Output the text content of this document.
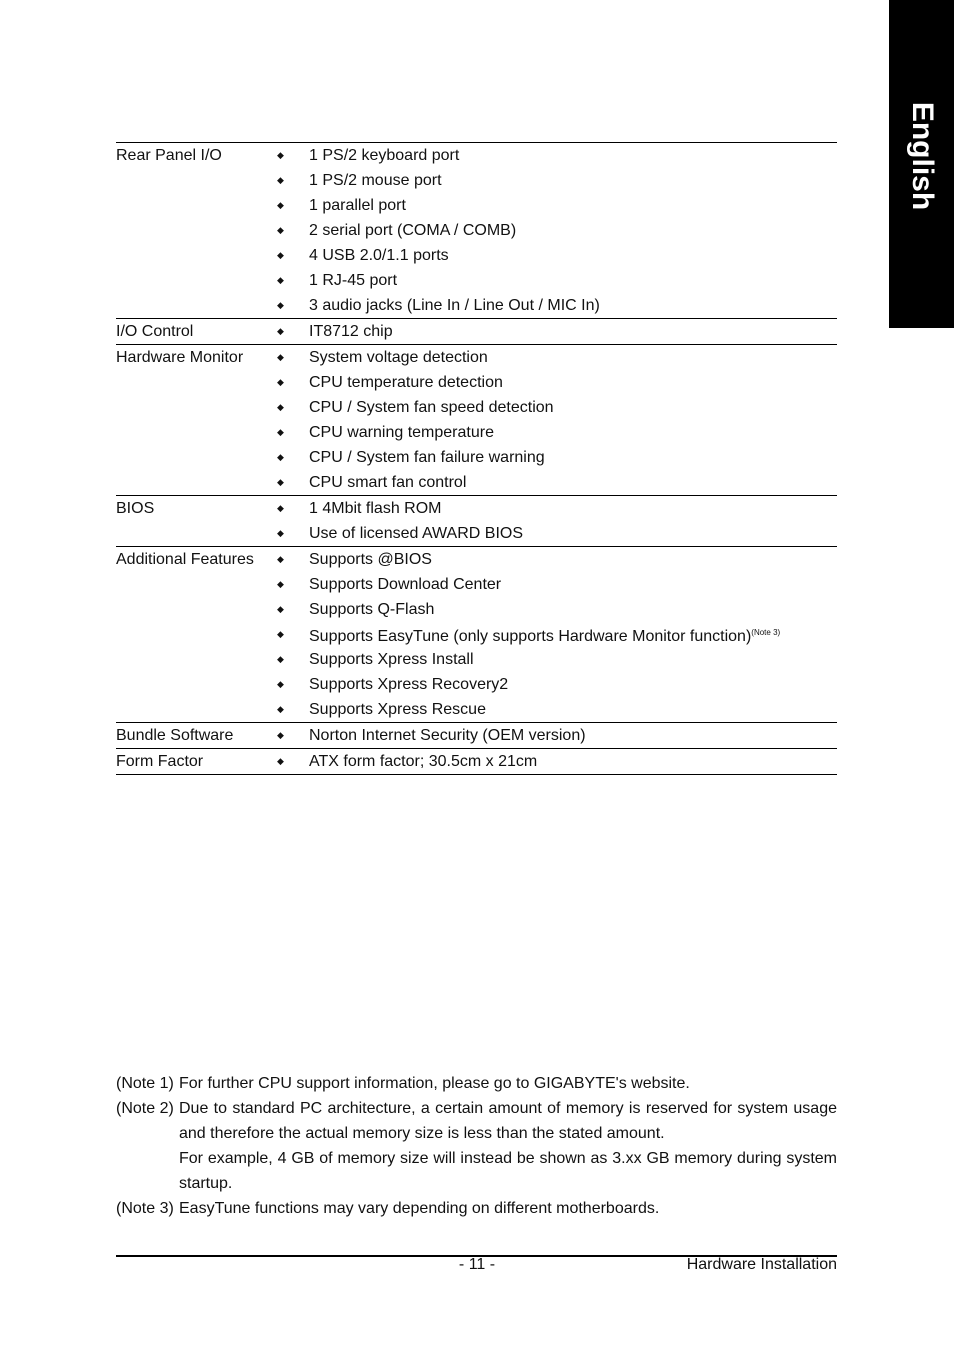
English
Rear Panel I/O	◆	1 PS/2 keyboard port
◆	1 PS/2 mouse port
◆	1 parallel port
◆	2 serial port (COMA / COMB)
◆	4 USB 2.0/1.1 ports
◆	1 RJ-45 port
◆	3 audio jacks (Line In / Line Out / MIC In)
I/O Control	◆	IT8712 chip
Hardware Monitor	◆	System voltage detection
◆	CPU temperature detection
◆	CPU / System fan speed detection
◆	CPU warning temperature
◆	CPU / System fan failure warning
◆	CPU smart fan control
BIOS	◆	1 4Mbit flash ROM
◆	Use of licensed AWARD BIOS
Additional Features	◆	Supports @BIOS
◆	Supports Download Center
◆	Supports Q-Flash
◆	Supports EasyTune (only supports Hardware Monitor function)$^{(Note 3)}$
◆	Supports Xpress Install
◆	Supports Xpress Recovery2
◆	Supports Xpress Rescue
Bundle Software	◆	Norton Internet Security (OEM version)
Form Factor	◆	ATX form factor; 30.5cm x 21cm
(Note 1) For further CPU support information, please go to GIGABYTE's website.

(Note 2) Due to standard PC architecture, a certain amount of memory is reserved for system usage and therefore the actual memory size is less than the stated amount.

For example, 4 GB of memory size will instead be shown as 3.xx GB memory during system startup.

(Note 3) EasyTune functions may vary depending on different motherboards.

- 11 -	Hardware Installation
